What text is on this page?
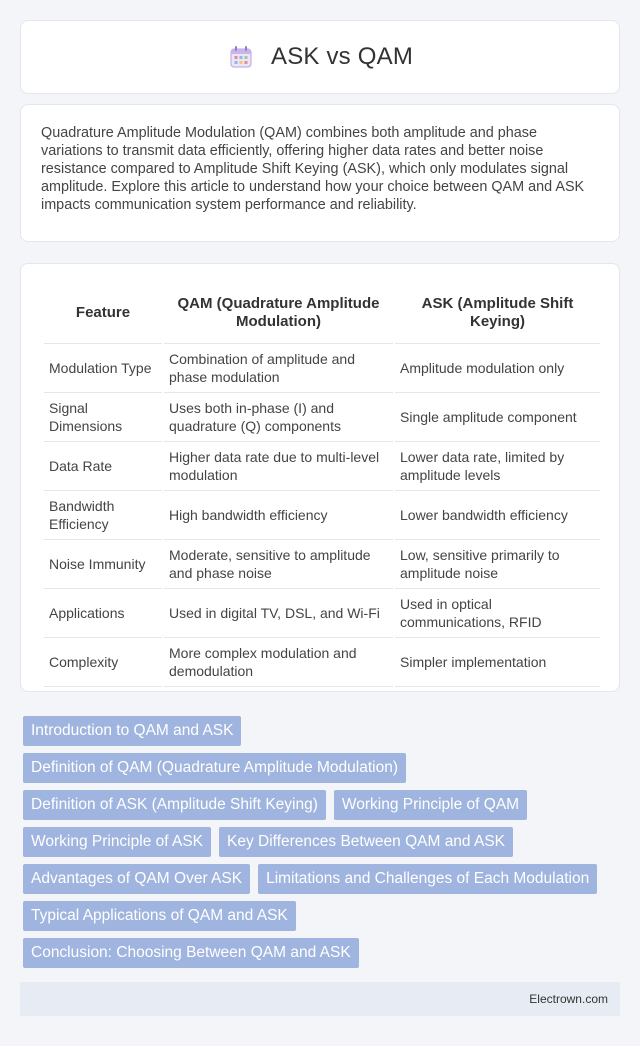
ASK vs QAM

Quadrature Amplitude Modulation (QAM) combines both amplitude and phase variations to transmit data efficiently, offering higher data rates and better noise resistance compared to Amplitude Shift Keying (ASK), which only modulates signal amplitude. Explore this article to understand how your choice between QAM and ASK impacts communication system performance and reliability.

Feature	QAM (Quadrature Amplitude Modulation)	ASK (Amplitude Shift Keying)
Modulation Type	Combination of amplitude and phase modulation	Amplitude modulation only
Signal Dimensions	Uses both in-phase (I) and quadrature (Q) components	Single amplitude component
Data Rate	Higher data rate due to multi-level modulation	Lower data rate, limited by amplitude levels
Bandwidth Efficiency	High bandwidth efficiency	Lower bandwidth efficiency
Noise Immunity	Moderate, sensitive to amplitude and phase noise	Low, sensitive primarily to amplitude noise
Applications	Used in digital TV, DSL, and Wi-Fi	Used in optical communications, RFID
Complexity	More complex modulation and demodulation	Simpler implementation
Introduction to QAM and ASK
Definition of QAM (Quadrature Amplitude Modulation)
Definition of ASK (Amplitude Shift Keying)	Working Principle of QAM
Working Principle of ASK	Key Differences Between QAM and ASK
Advantages of QAM Over ASK	Limitations and Challenges of Each Modulation
Typical Applications of QAM and ASK
Conclusion: Choosing Between QAM and ASK
Electrown.com
